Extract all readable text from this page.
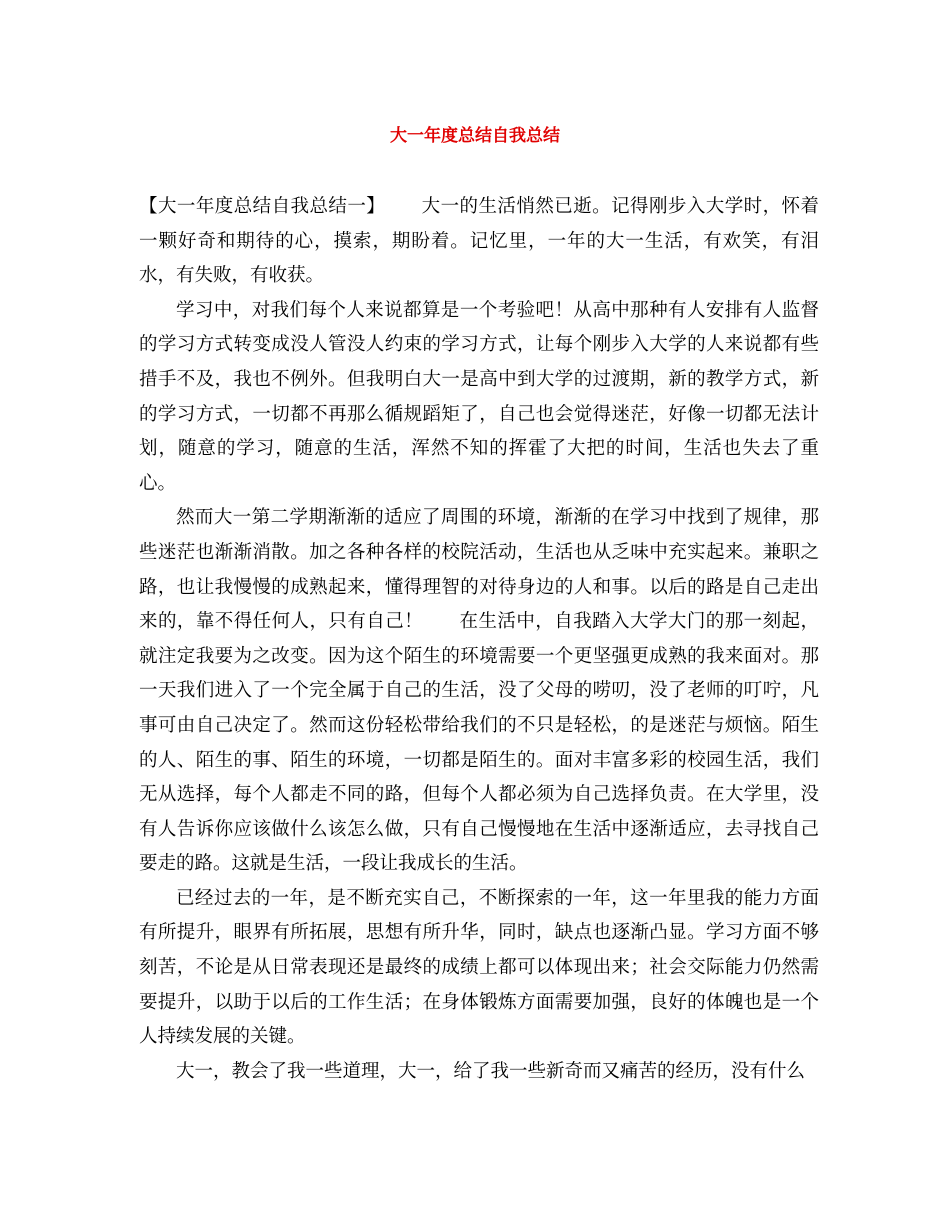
大一年度总结自我总结

【大一年度总结自我总结一】 大一的生活悄然已逝。记得刚步入大学时，怀着一颗好奇和期待的心，摸索，期盼着。记忆里，一年的大一生活，有欢笑，有泪水，有失败，有收获。

学习中，对我们每个人来说都算是一个考验吧！从高中那种有人安排有人监督的学习方式转变成没人管没人约束的学习方式，让每个刚步入大学的人来说都有些措手不及，我也不例外。但我明白大一是高中到大学的过渡期，新的教学方式，新的学习方式，一切都不再那么循规蹈矩了，自己也会觉得迷茫，好像一切都无法计划，随意的学习，随意的生活，浑然不知的挥霍了大把的时间，生活也失去了重心。

然而大一第二学期渐渐的适应了周围的环境，渐渐的在学习中找到了规律，那些迷茫也渐渐消散。加之各种各样的校院活动，生活也从乏味中充实起来。兼职之路，也让我慢慢的成熟起来，懂得理智的对待身边的人和事。以后的路是自己走出来的，靠不得任何人，只有自己！ 在生活中，自我踏入大学大门的那一刻起，就注定我要为之改变。因为这个陌生的环境需要一个更坚强更成熟的我来面对。那一天我们进入了一个完全属于自己的生活，没了父母的唠叨，没了老师的叮咛，凡事可由自己决定了。然而这份轻松带给我们的不只是轻松，的是迷茫与烦恼。陌生的人、陌生的事、陌生的环境，一切都是陌生的。面对丰富多彩的校园生活，我们无从选择，每个人都走不同的路，但每个人都必须为自己选择负责。在大学里，没有人告诉你应该做什么该怎么做，只有自己慢慢地在生活中逐渐适应，去寻找自己要走的路。这就是生活，一段让我成长的生活。

已经过去的一年，是不断充实自己，不断探索的一年，这一年里我的能力方面有所提升，眼界有所拓展，思想有所升华，同时，缺点也逐渐凸显。学习方面不够刻苦，不论是从日常表现还是最终的成绩上都可以体现出来；社会交际能力仍然需要提升，以助于以后的工作生活；在身体锻炼方面需要加强，良好的体魄也是一个人持续发展的关键。

大一，教会了我一些道理，大一，给了我一些新奇而又痛苦的经历，没有什么
